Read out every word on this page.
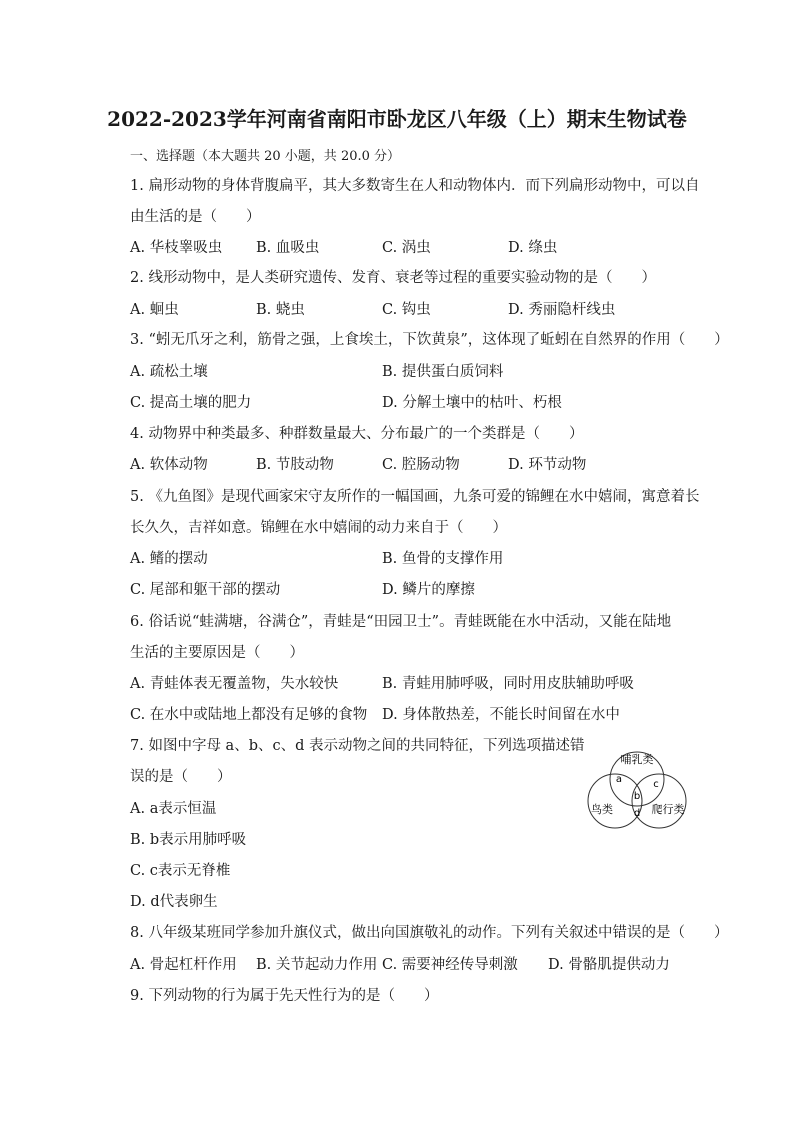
2022-2023学年河南省南阳市卧龙区八年级（上）期末生物试卷
一、选择题（本大题共 20 小题，共 20.0 分）
1. 扁形动物的身体背腹扁平，其大多数寄生在人和动物体内．而下列扁形动物中，可以自
由生活的是（　　）
A. 华枝睾吸虫 B. 血吸虫	C. 涡虫	D. 绦虫
2. 线形动物中，是人类研究遗传、发育、衰老等过程的重要实验动物的是（　　）
A. 蛔虫	B. 蛲虫	C. 钩虫	D. 秀丽隐杆线虫
3. “蚓无爪牙之利，筋骨之强，上食埃土，下饮黄泉”，这体现了蚯蚓在自然界的作用（　　）
A. 疏松土壤	B. 提供蛋白质饲料
C. 提高土壤的肥力	D. 分解土壤中的枯叶、朽根
4. 动物界中种类最多、种群数量最大、分布最广的一个类群是（　　）
A. 软体动物	B. 节肢动物	C. 腔肠动物	D. 环节动物
5. 《九鱼图》是现代画家宋守友所作的一幅国画，九条可爱的锦鲤在水中嬉闹，寓意着长
长久久，吉祥如意。锦鲤在水中嬉闹的动力来自于（　　）
A. 鳍的摆动	B. 鱼骨的支撑作用
C. 尾部和躯干部的摆动	D. 鳞片的摩擦
6. 俗话说“蛙满塘，谷满仓”，青蛙是“田园卫士”。青蛙既能在水中活动，又能在陆地
生活的主要原因是（　　）
A. 青蛙体表无覆盖物，失水较快	B. 青蛙用肺呼吸，同时用皮肤辅助呼吸
C. 在水中或陆地上都没有足够的食物 D. 身体散热差，不能长时间留在水中
7. 如图中字母 a、b、c、d 表示动物之间的共同特征，下列选项描述错
误的是（　　）
A. a表示恒温
B. b表示用肺呼吸
C. c表示无脊椎
D. d代表卵生
哺乳类
鸟类	爬行类
a
b
c
d
8. 八年级某班同学参加升旗仪式，做出向国旗敬礼的动作。下列有关叙述中错误的是（　　）
A. 骨起杠杆作用 B. 关节起动力作用 C. 需要神经传导刺激 D. 骨骼肌提供动力
9. 下列动物的行为属于先天性行为的是（　　）
